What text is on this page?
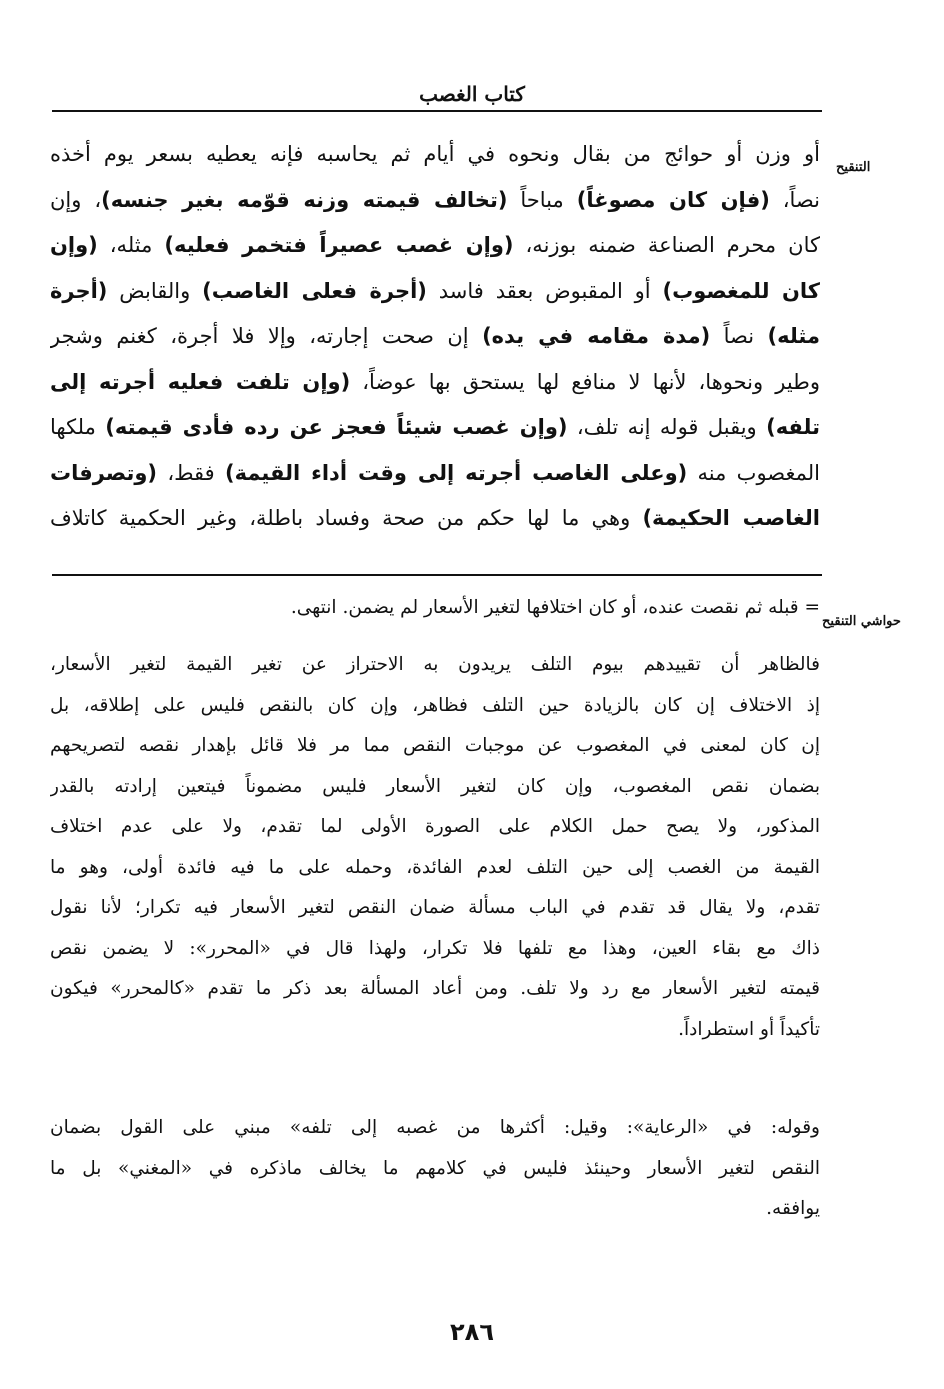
كتاب الغصب
التنقيح
أو وزن أو حوائج من بقال ونحوه في أيام ثم يحاسبه فإنه يعطيه بسعر يوم أخذه
نصاً، (فإن كان مصوغاً) مباحاً (تخالف قيمته وزنه قوّمه بغير جنسه)، وإن
كان محرم الصناعة ضمنه بوزنه، (وإن غصب عصيراً فتخمر فعليه) مثله، (وإن
كان للمغصوب) أو المقبوض بعقد فاسد (أجرة فعلى الغاصب) والقابض (أجرة
مثله) نصاً (مدة مقامه في يده) إن صحت إجارته، وإلا فلا أجرة، كغنم وشجر
وطير ونحوها، لأنها لا منافع لها يستحق بها عوضاً، (وإن تلفت فعليه أجرته إلى
تلفه) ويقبل قوله إنه تلف، (وإن غصب شيئاً فعجز عن رده فأدى قيمته) ملكها
المغصوب منه (وعلى الغاصب أجرته إلى وقت أداء القيمة) فقط، (وتصرفات
الغاصب الحكيمة) وهي ما لها حكم من صحة وفساد باطلة، وغير الحكمية كاتلاف
حواشي التنقيح
= قبله ثم نقصت عنده، أو كان اختلافها لتغير الأسعار لم يضمن. انتهى.
فالظاهر أن تقييدهم بيوم التلف يريدون به الاحتراز عن تغير القيمة لتغير الأسعار،
إذ الاختلاف إن كان بالزيادة حين التلف فظاهر، وإن كان بالنقص فليس على إطلاقه، بل
إن كان لمعنى في المغصوب عن موجبات النقص مما مر فلا قائل بإهدار نقصه لتصريحهم
بضمان نقص المغصوب، وإن كان لتغير الأسعار فليس مضموناً فيتعين إرادته بالقدر
المذكور، ولا يصح حمل الكلام على الصورة الأولى لما تقدم، ولا على عدم اختلاف
القيمة من الغصب إلى حين التلف لعدم الفائدة، وحمله على ما فيه فائدة أولى، وهو ما
تقدم، ولا يقال قد تقدم في الباب مسألة ضمان النقص لتغير الأسعار فيه تكرار؛ لأنا نقول
ذاك مع بقاء العين، وهذا مع تلفها فلا تكرار، ولهذا قال في «المحرر»: لا يضمن نقص
قيمته لتغير الأسعار مع رد ولا تلف. ومن أعاد المسألة بعد ذكر ما تقدم «كالمحرر» فيكون
تأكيداً أو استطراداً.
وقوله: في «الرعاية»: وقيل: أكثرها من غصبه إلى تلفه» مبني على القول بضمان
النقص لتغير الأسعار وحينئذ فليس في كلامهم ما يخالف ماذكره في «المغني» بل ما
يوافقه.
٢٨٦
